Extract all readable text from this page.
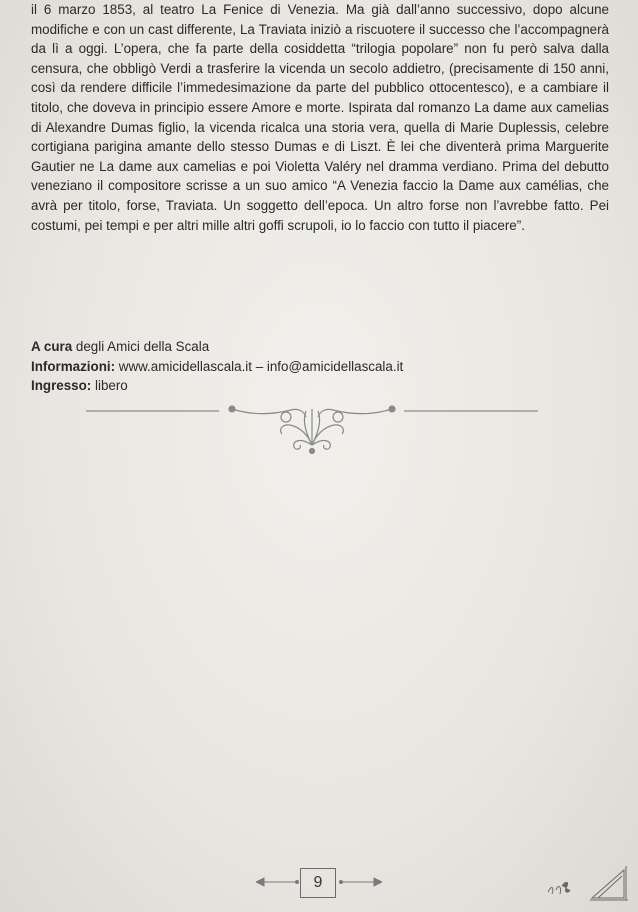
il 6 marzo 1853, al teatro La Fenice di Venezia. Ma già dall’anno successivo, dopo alcune modifiche e con un cast differente, La Traviata iniziò a riscuotere il successo che l’accompagnerà da lì a oggi. L’opera, che fa parte della cosiddetta “trilogia popolare” non fu però salva dalla censura, che obbligò Verdi a trasferire la vicenda un secolo addietro, (precisamente di 150 anni, così da rendere difficile l’immedesimazione da parte del pubblico ottocentesco), e a cambiare il titolo, che doveva in principio essere Amore e morte. Ispirata dal romanzo La dame aux camelias di Alexandre Dumas figlio, la vicenda ricalca una storia vera, quella di Marie Duplessis, celebre cortigiana parigina amante dello stesso Dumas e di Liszt. È lei che diventerà prima Marguerite Gautier ne La dame aux camelias e poi Violetta Valéry nel dramma verdiano. Prima del debutto veneziano il compositore scrisse a un suo amico “A Venezia faccio la Dame aux camélias, che avrà per titolo, forse, Traviata. Un soggetto dell’epoca. Un altro forse non l’avrebbe fatto. Pei costumi, pei tempi e per altri mille altri goffi scrupoli, io lo faccio con tutto il piacere”.

A cura degli Amici della Scala
Informazioni: www.amicidellascala.it – info@amicidellascala.it
Ingresso: libero
9
